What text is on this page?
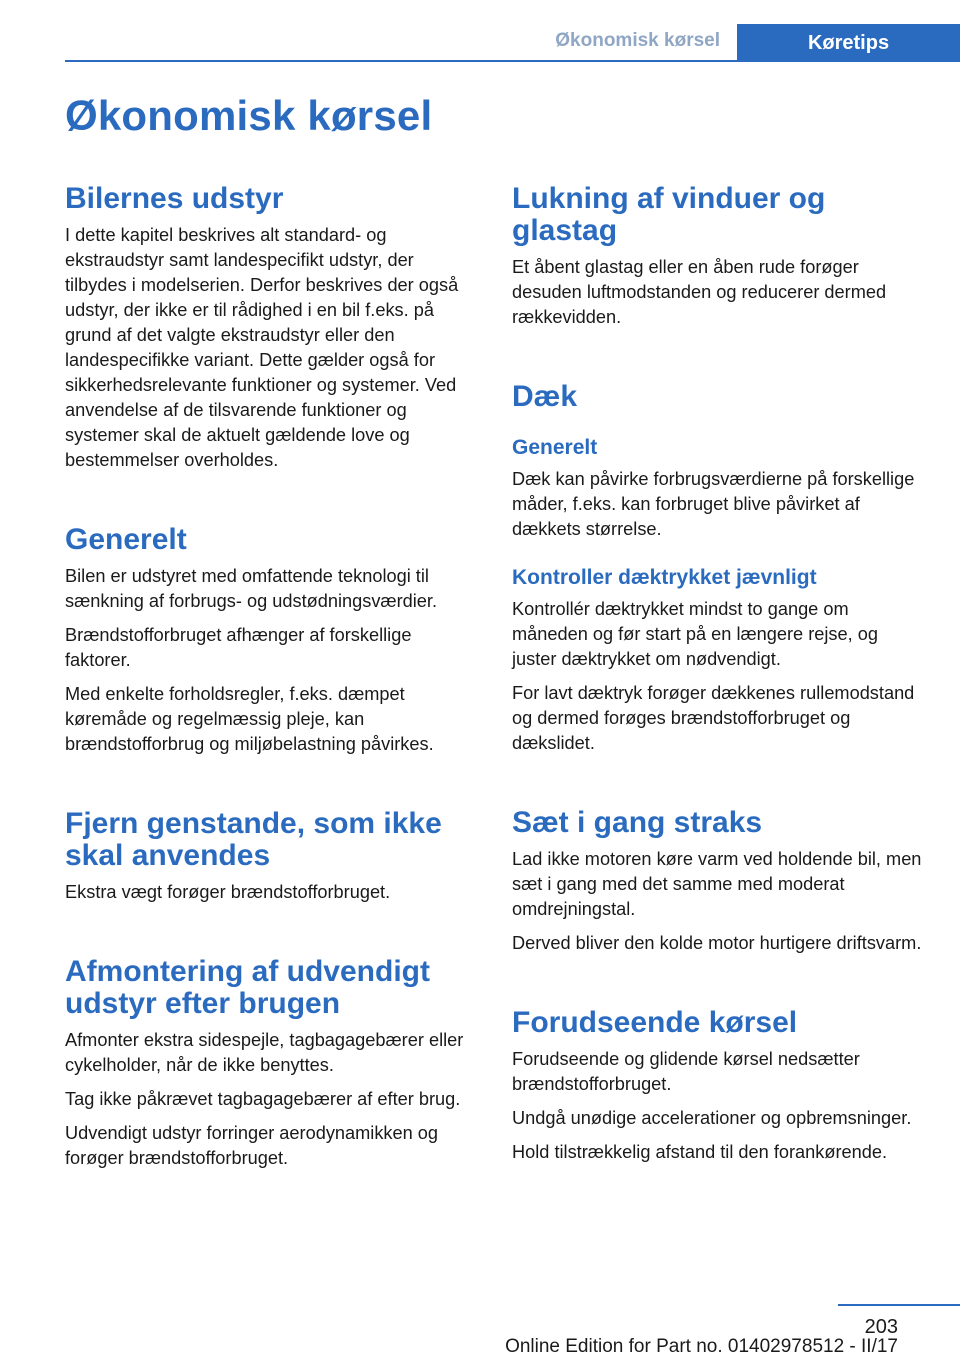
Økonomisk kørsel	Køretips
Økonomisk kørsel
Bilernes udstyr

I dette kapitel beskrives alt standard- og ekstraudstyr samt landespecifikt udstyr, der tilbydes i modelserien. Derfor beskrives der også udstyr, der ikke er til rådighed i en bil f.eks. på grund af det valgte ekstraudstyr eller den landespecifikke variant. Dette gælder også for sikkerhedsrelevante funktioner og systemer. Ved anvendelse af de tilsvarende funktioner og systemer skal de aktuelt gældende love og bestemmelser overholdes.

Generelt

Bilen er udstyret med omfattende teknologi til sænkning af forbrugs- og udstødningsværdier.

Brændstofforbruget afhænger af forskellige faktorer.

Med enkelte forholdsregler, f.eks. dæmpet køremåde og regelmæssig pleje, kan brændstofforbrug og miljøbelastning påvirkes.

Fjern genstande, som ikke skal anvendes

Ekstra vægt forøger brændstofforbruget.

Afmontering af udvendigt udstyr efter brugen

Afmonter ekstra sidespejle, tagbagagebærer eller cykelholder, når de ikke benyttes.

Tag ikke påkrævet tagbagagebærer af efter brug.

Udvendigt udstyr forringer aerodynamikken og forøger brændstofforbruget.

Lukning af vinduer og glastag

Et åbent glastag eller en åben rude forøger desuden luftmodstanden og reducerer dermed rækkevidden.

Dæk
Generelt

Dæk kan påvirke forbrugsværdierne på forskellige måder, f.eks. kan forbruget blive påvirket af dækkets størrelse.

Kontroller dæktrykket jævnligt

Kontrollér dæktrykket mindst to gange om måneden og før start på en længere rejse, og juster dæktrykket om nødvendigt.

For lavt dæktryk forøger dækkenes rullemodstand og dermed forøges brændstofforbruget og dækslidet.

Sæt i gang straks

Lad ikke motoren køre varm ved holdende bil, men sæt i gang med det samme med moderat omdrejningstal.

Derved bliver den kolde motor hurtigere driftsvarm.

Forudseende kørsel

Forudseende og glidende kørsel nedsætter brændstofforbruget.

Undgå unødige accelerationer og opbremsninger.

Hold tilstrækkelig afstand til den forankørende.

203
Online Edition for Part no. 01402978512 - II/17
